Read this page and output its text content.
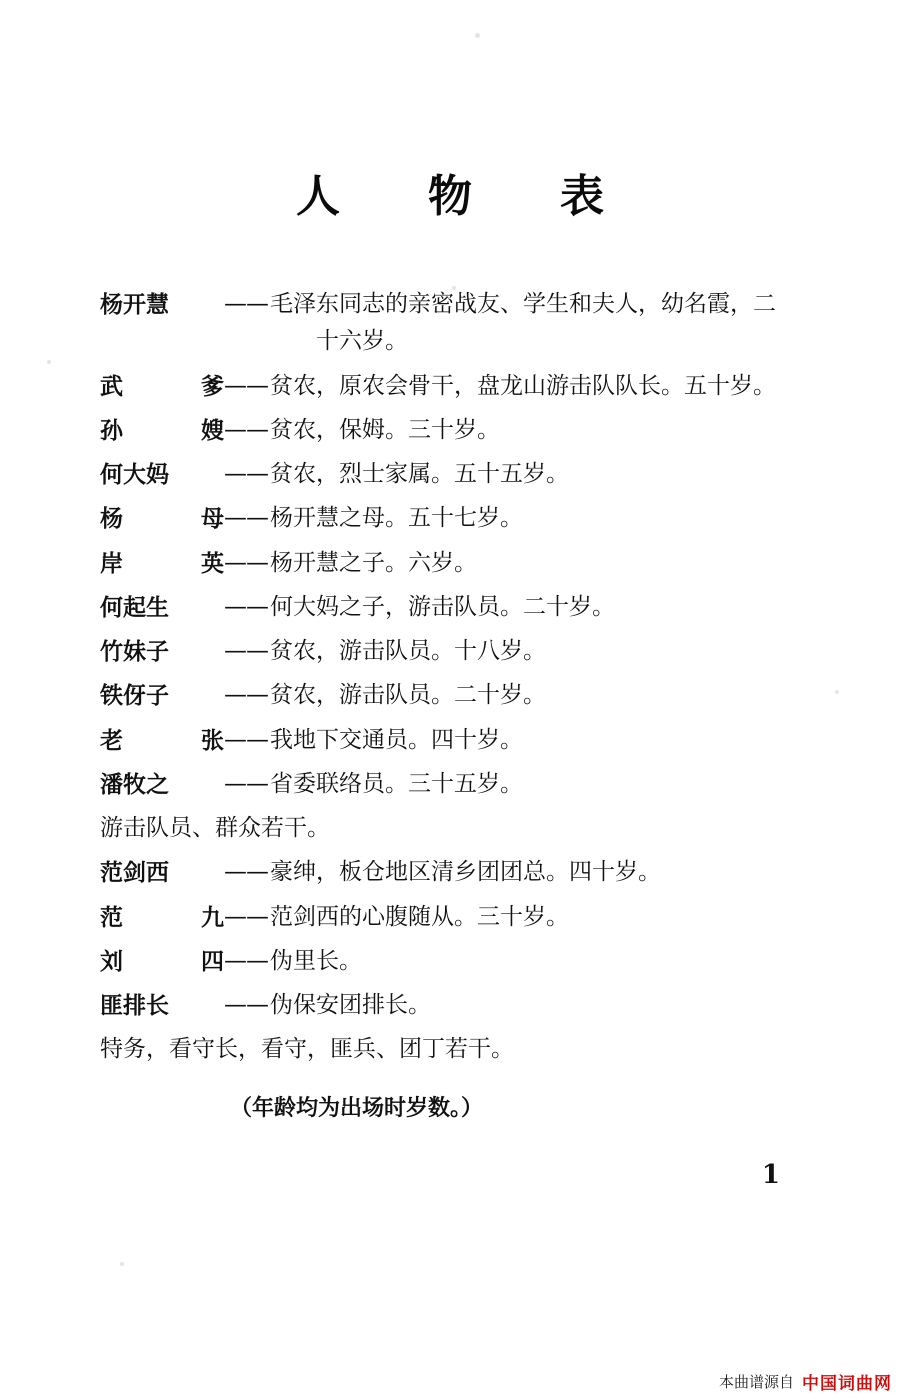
人　物　表
杨开慧	—— 毛泽东同志的亲密战友、学生和夫人，幼名霞，二
十六岁。
武	爹 —— 贫农，原农会骨干，盘龙山游击队队长。五十岁。
孙	嫂 —— 贫农，保姆。三十岁。
何大妈	—— 贫农，烈士家属。五十五岁。
杨	母 —— 杨开慧之母。五十七岁。
岸	英 —— 杨开慧之子。六岁。
何起生	—— 何大妈之子，游击队员。二十岁。
竹妹子	—— 贫农，游击队员。十八岁。
铁伢子	—— 贫农，游击队员。二十岁。
老	张 —— 我地下交通员。四十岁。
潘牧之	—— 省委联络员。三十五岁。
游击队员、群众若干。
范剑西	—— 豪绅，板仓地区清乡团团总。四十岁。
范	九 —— 范剑西的心腹随从。三十岁。
刘	四 —— 伪里长。
匪排长	—— 伪保安团排长。
特务，看守长，看守，匪兵、团丁若干。
（年龄均为出场时岁数。）
1
本曲谱源自 中国词曲网
